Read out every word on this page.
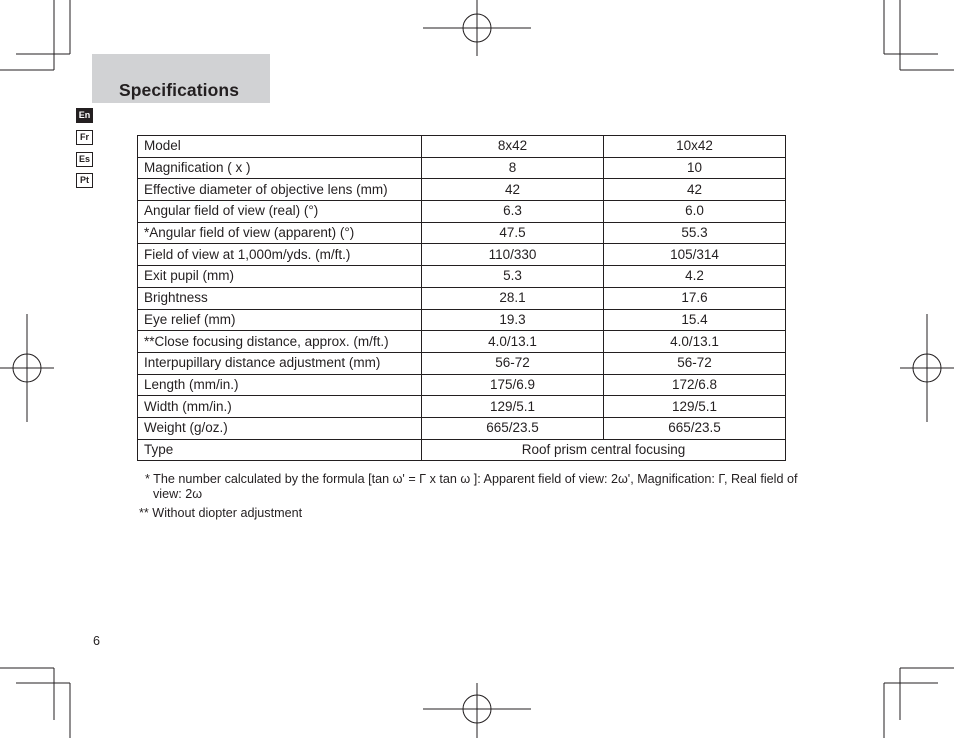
Specifications
En
Fr
Es
Pt
Model	8x42	10x42
Magnification ( x )	8	10
Effective diameter of objective lens (mm)	42	42
Angular field of view (real) (°)	6.3	6.0
*Angular field of view (apparent) (°)	47.5	55.3
Field of view at 1,000m/yds. (m/ft.)	110/330	105/314
Exit pupil (mm)	5.3	4.2
Brightness	28.1	17.6
Eye relief (mm)	19.3	15.4
**Close focusing distance, approx. (m/ft.)	4.0/13.1	4.0/13.1
Interpupillary distance adjustment (mm)	56-72	56-72
Length (mm/in.)	175/6.9	172/6.8
Width (mm/in.)	129/5.1	129/5.1
Weight (g/oz.)	665/23.5	665/23.5
Type	Roof prism central focusing	
* The number calculated by the formula [tan ω' = Γ x tan ω ]: Apparent field of view: 2ω', Magnification: Γ, Real field of view: 2ω
** Without diopter adjustment
6
